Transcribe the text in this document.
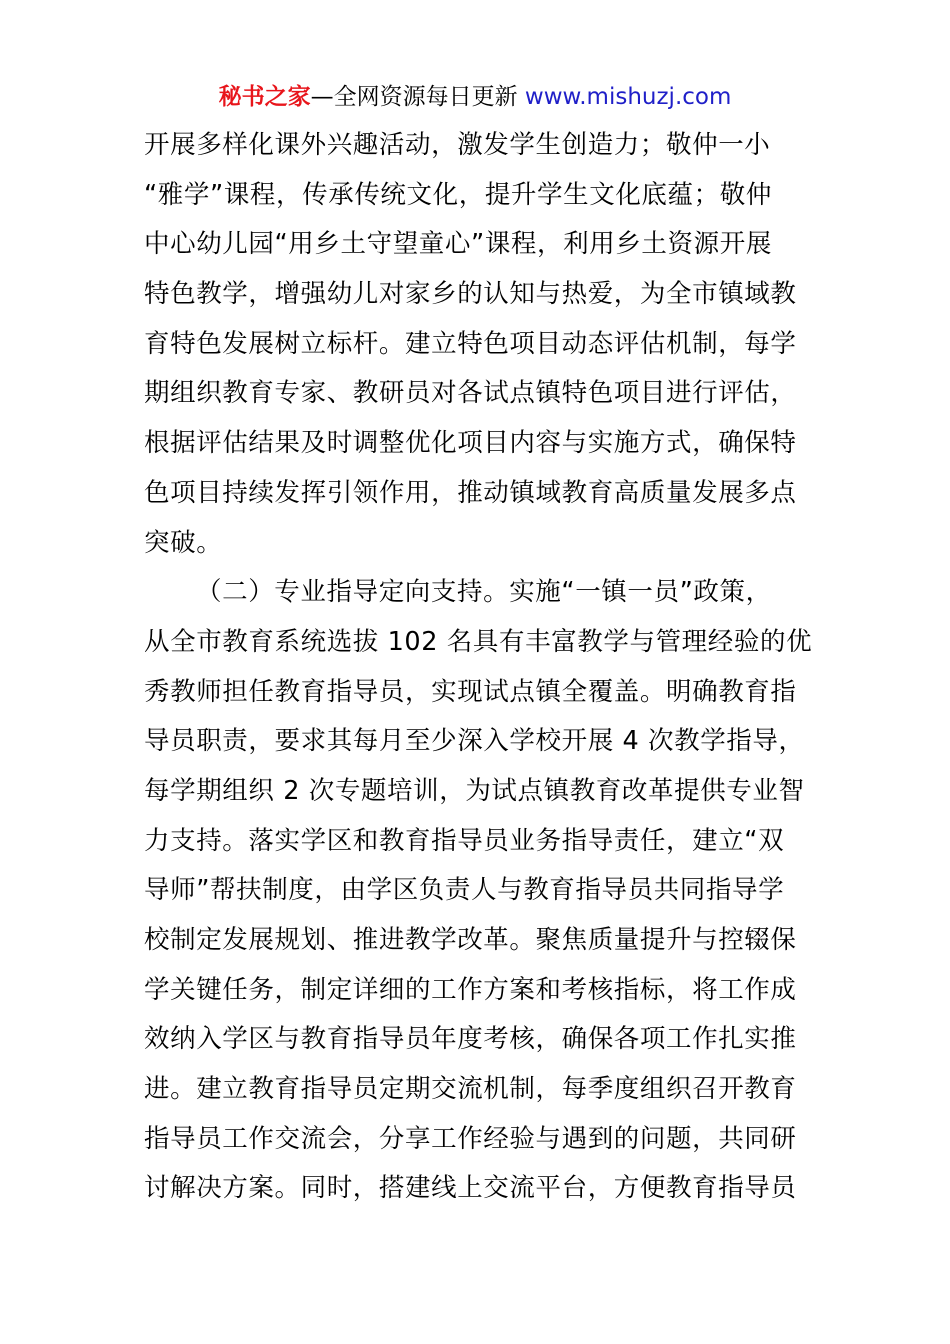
秘书之家—全网资源每日更新 www.mishuzj.com
开展多样化课外兴趣活动，激发学生创造力；敬仲一小
“雅学”课程，传承传统文化，提升学生文化底蕴；敬仲
中心幼儿园“用乡土守望童心”课程，利用乡土资源开展
特色教学，增强幼儿对家乡的认知与热爱，为全市镇域教
育特色发展树立标杆。建立特色项目动态评估机制，每学
期组织教育专家、教研员对各试点镇特色项目进行评估，
根据评估结果及时调整优化项目内容与实施方式，确保特
色项目持续发挥引领作用，推动镇域教育高质量发展多点
突破。
（二）专业指导定向支持。实施“一镇一员”政策，
从全市教育系统选拔 102 名具有丰富教学与管理经验的优
秀教师担任教育指导员，实现试点镇全覆盖。明确教育指
导员职责，要求其每月至少深入学校开展 4 次教学指导，
每学期组织 2 次专题培训，为试点镇教育改革提供专业智
力支持。落实学区和教育指导员业务指导责任，建立“双
导师”帮扶制度，由学区负责人与教育指导员共同指导学
校制定发展规划、推进教学改革。聚焦质量提升与控辍保
学关键任务，制定详细的工作方案和考核指标，将工作成
效纳入学区与教育指导员年度考核，确保各项工作扎实推
进。建立教育指导员定期交流机制，每季度组织召开教育
指导员工作交流会，分享工作经验与遇到的问题，共同研
讨解决方案。同时，搭建线上交流平台，方便教育指导员
